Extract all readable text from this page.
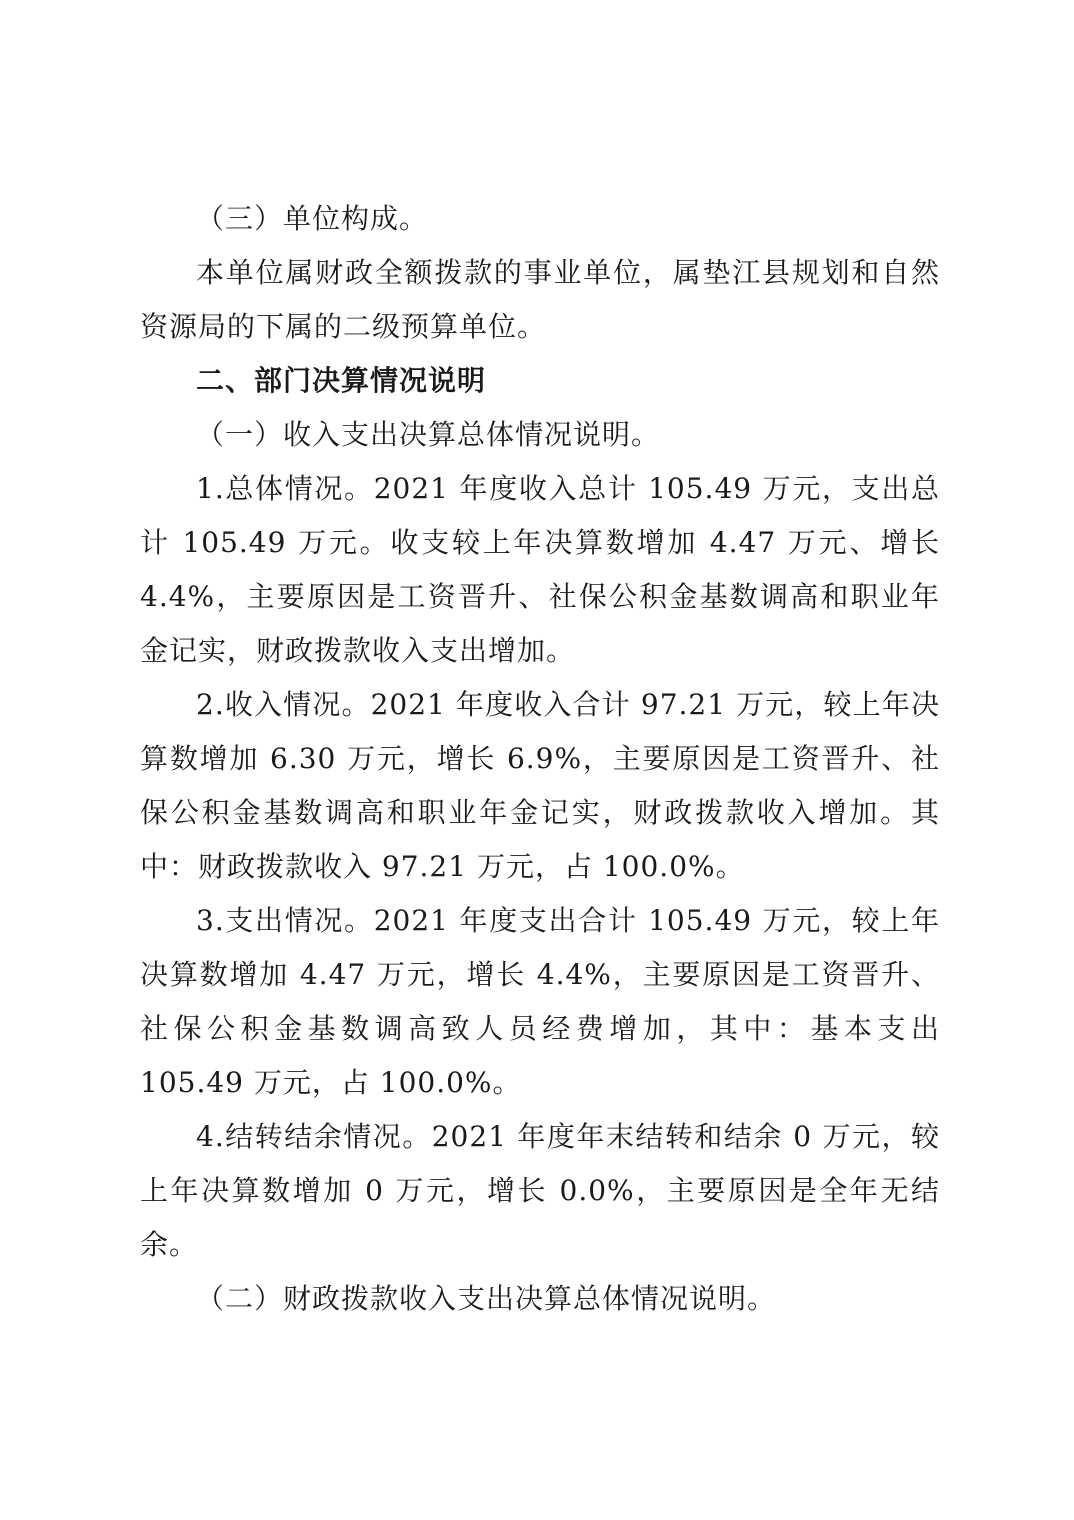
（三）单位构成。

本单位属财政全额拨款的事业单位，属垫江县规划和自然资源局的下属的二级预算单位。

二、部门决算情况说明

（一）收入支出决算总体情况说明。

1.总体情况。2021 年度收入总计 105.49 万元，支出总计 105.49 万元。收支较上年决算数增加 4.47 万元、增长 4.4%，主要原因是工资晋升、社保公积金基数调高和职业年金记实，财政拨款收入支出增加。

2.收入情况。2021 年度收入合计 97.21 万元，较上年决算数增加 6.30 万元，增长 6.9%，主要原因是工资晋升、社保公积金基数调高和职业年金记实，财政拨款收入增加。其中：财政拨款收入 97.21 万元，占 100.0%。

3.支出情况。2021 年度支出合计 105.49 万元，较上年决算数增加 4.47 万元，增长 4.4%，主要原因是工资晋升、社保公积金基数调高致人员经费增加，其中：基本支出 105.49 万元，占 100.0%。

4.结转结余情况。2021 年度年末结转和结余 0 万元，较上年决算数增加 0 万元，增长 0.0%，主要原因是全年无结余。

（二）财政拨款收入支出决算总体情况说明。
